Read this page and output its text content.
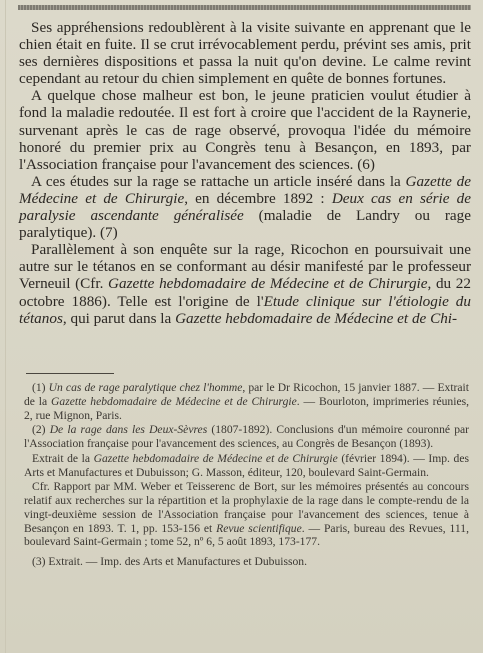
Ses appréhensions redoublèrent à la visite suivante en apprenant que le chien était en fuite. Il se crut irrévocablement perdu, prévint ses amis, prit ses dernières dispositions et passa la nuit qu'on devine. Le calme revint cependant au retour du chien simplement en quête de bonnes fortunes.

A quelque chose malheur est bon, le jeune praticien voulut étudier à fond la maladie redoutée. Il est fort à croire que l'accident de la Raynerie, survenant après le cas de rage observé, provoqua l'idée du mémoire honoré du premier prix au Congrès tenu à Besançon, en 1893, par l'Association française pour l'avancement des sciences. (6)

A ces études sur la rage se rattache un article inséré dans la Gazette de Médecine et de Chirurgie, en décembre 1892 : Deux cas en série de paralysie ascendante généralisée (maladie de Landry ou rage paralytique). (7)

Parallèlement à son enquête sur la rage, Ricochon en poursuivait une autre sur le tétanos en se conformant au désir manifesté par le professeur Verneuil (Cfr. Gazette hebdomadaire de Médecine et de Chirurgie, du 22 octobre 1886). Telle est l'origine de l'Etude clinique sur l'étiologie du tétanos, qui parut dans la Gazette hebdomadaire de Médecine et de Chi-

(1) Un cas de rage paralytique chez l'homme, par le Dr Ricochon, 15 janvier 1887. — Extrait de la Gazette hebdomadaire de Médecine et de Chirurgie. — Bourloton, imprimeries réunies, 2, rue Mignon, Paris.

(2) De la rage dans les Deux-Sèvres (1807-1892). Conclusions d'un mémoire couronné par l'Association française pour l'avancement des sciences, au Congrès de Besançon (1893).

Extrait de la Gazette hebdomadaire de Médecine et de Chirurgie (février 1894). — Imp. des Arts et Manufactures et Dubuisson; G. Masson, éditeur, 120, boulevard Saint-Germain.

Cfr. Rapport par MM. Weber et Teisserenc de Bort, sur les mémoires présentés au concours relatif aux recherches sur la répartition et la prophylaxie de la rage dans le compte-rendu de la vingt-deuxième session de l'Association française pour l'avancement des sciences, tenue à Besançon en 1893. T. 1, pp. 153-156 et Revue scientifique. — Paris, bureau des Revues, 111, boulevard Saint-Germain ; tome 52, nº 6, 5 août 1893, 173-177.

(3) Extrait. — Imp. des Arts et Manufactures et Dubuisson.
